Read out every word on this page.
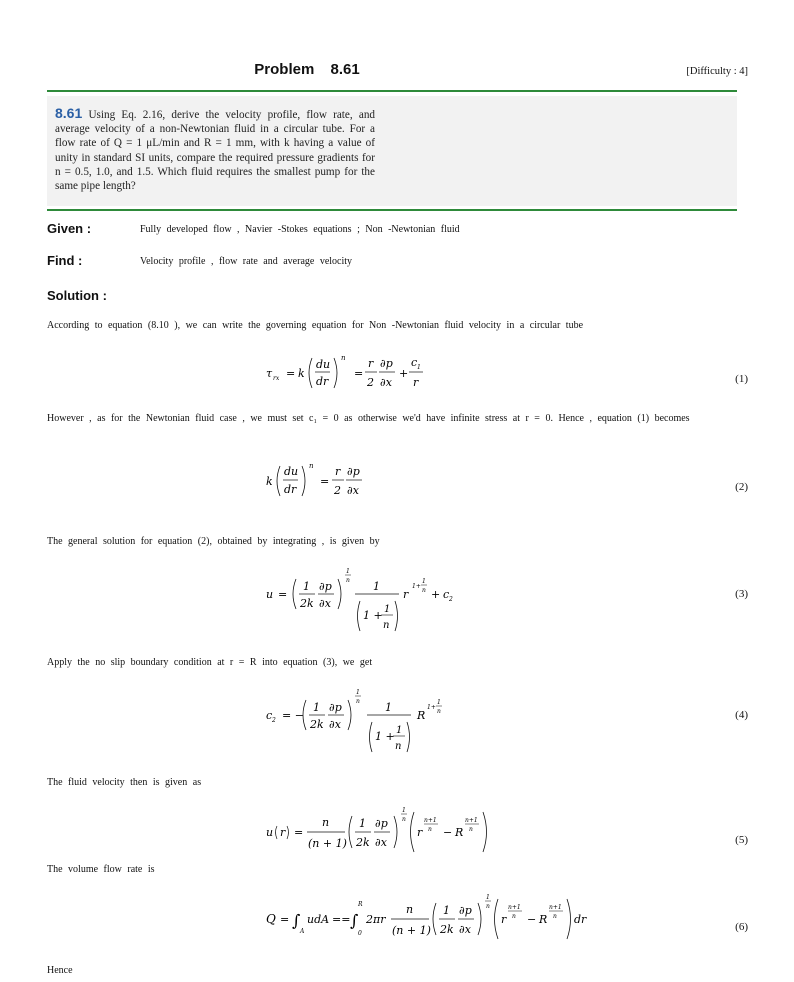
Problem 8.61	[Difficulty : 4]
8.61 Using Eq. 2.16, derive the velocity profile, flow rate, and average velocity of a non-Newtonian fluid in a circular tube. For a flow rate of Q = 1 μL/min and R = 1 mm, with k having a value of unity in standard SI units, compare the required pressure gradients for n = 0.5, 1.0, and 1.5. Which fluid requires the smallest pump for the same pipe length?
Given :	Fully developed flow , Navier -Stokes equations ; Non -Newtonian fluid
Find :	Velocity profile , flow rate and average velocity
Solution :
According to equation (8.10 ), we can write the governing equation for Non -Newtonian fluid velocity in a circular tube
τ rx = k
du
dr
n
=
r
2
∂p
∂x
+
c 1
r	(1)
However , as for the Newtonian fluid case , we must set c₁ = 0 as otherwise we'd have infinite stress at r = 0. Hence , equation (1) becomes
k
du
dr
n
=
r
2
∂p
∂x	(2)
The general solution for equation (2), obtained by integrating , is given by
u =
1
2k
∂p
∂x
1
n 1
1 + 1
n
r
1+
1
n + c 2	(3)
Apply the no slip boundary condition at r = R into equation (3), we get
c 2 = −
1
2k
∂p
∂x
1
n 1
1 + 1
n
R
1+
1
n	(4)
The fluid velocity then is given as
u r =
n
(n + 1)
1
2k
∂p
∂x
1
n
r
n+1
n − R
n+1
n
(5)
The volume flow rate is
Q = ∫
A
udA == ∫
R
0
2πr
n
(n + 1)
1
2k
∂p
∂x
1
n
r
n+1
n − R
n+1
n dr
(6)
Hence
